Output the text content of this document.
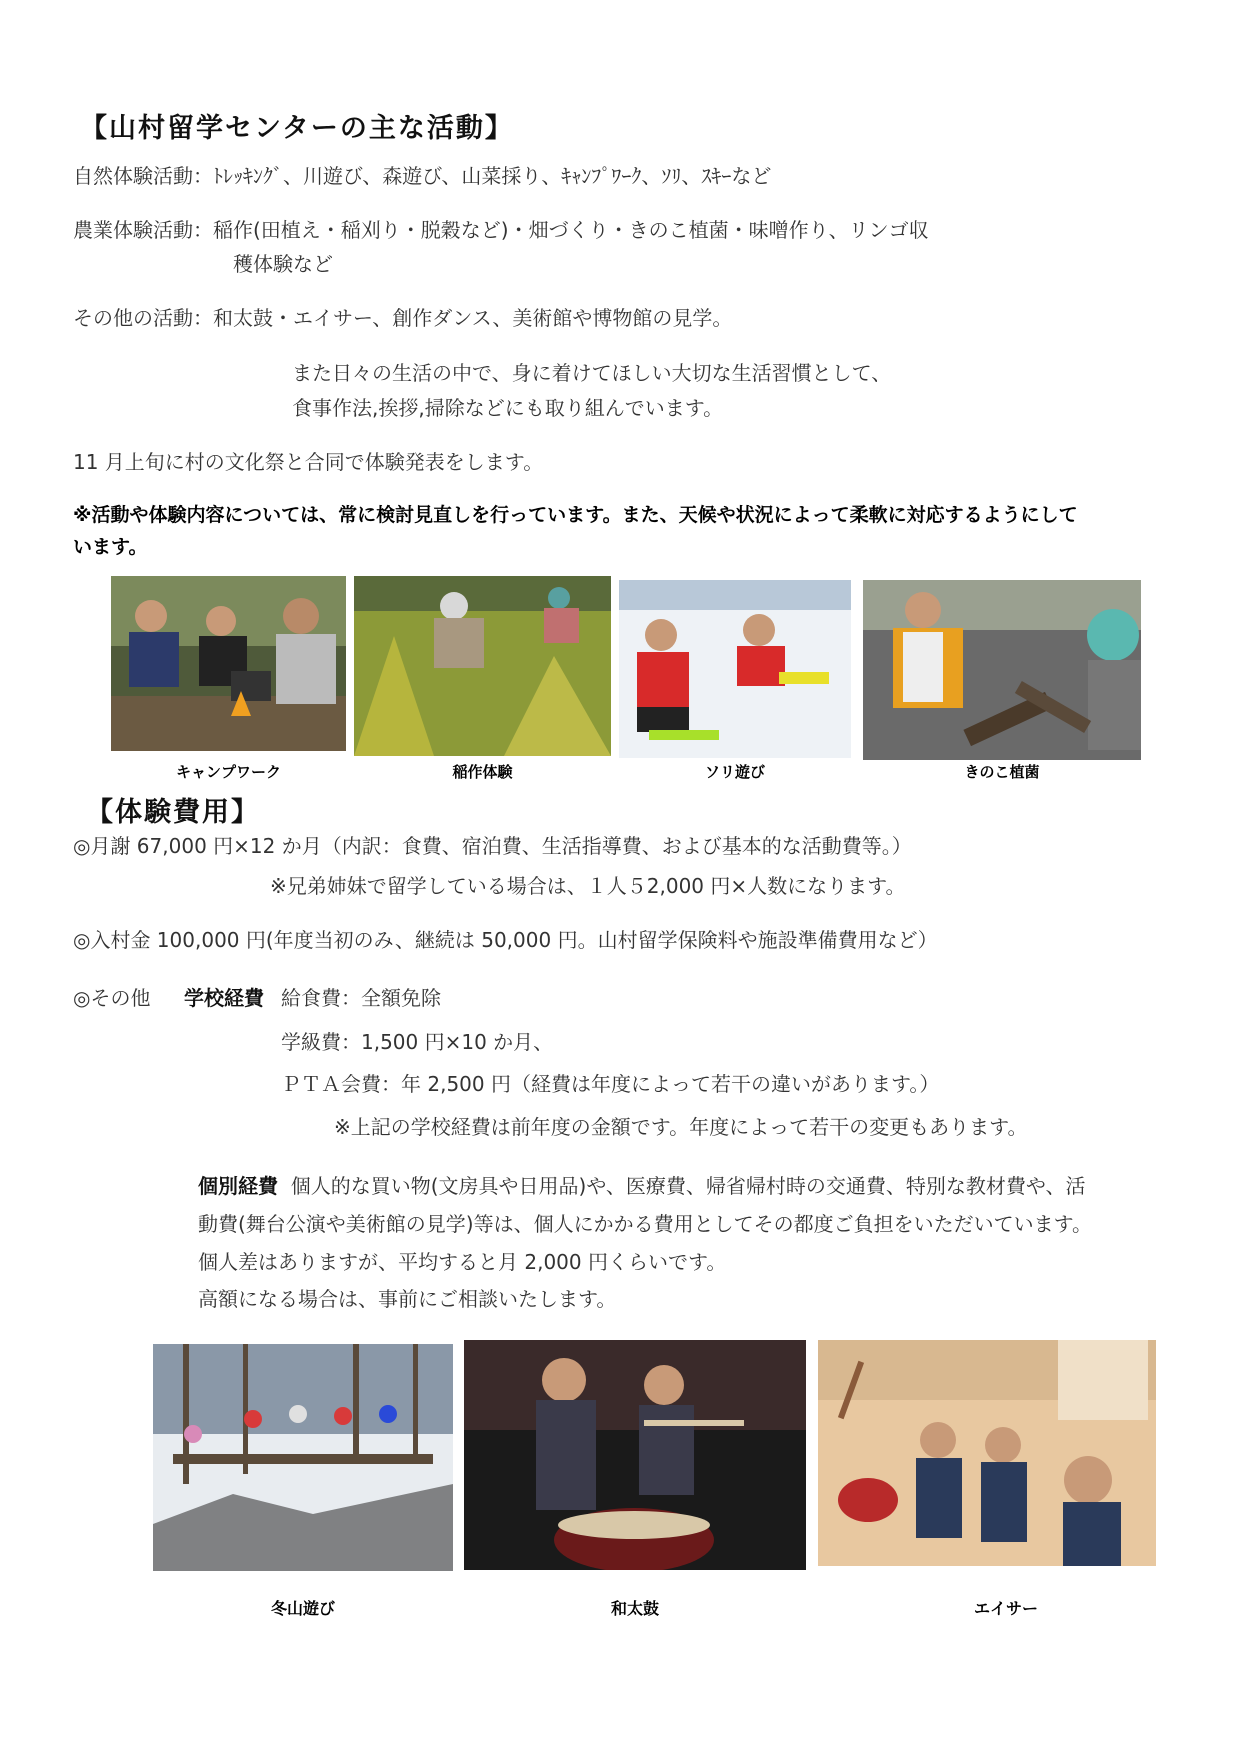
【山村留学センターの主な活動】
自然体験活動：ﾄﾚｯｷﾝｸﾞ、川遊び、森遊び、山菜採り、ｷｬﾝﾌﾟﾜｰｸ、ｿﾘ、ｽｷｰなど
農業体験活動：稲作(田植え・稲刈り・脱穀など)・畑づくり・きのこ植菌・味噌作り、リンゴ収
穫体験など
その他の活動：和太鼓・エイサー、創作ダンス、美術館や博物館の見学。
また日々の生活の中で、身に着けてほしい大切な生活習慣として、
食事作法,挨拶,掃除などにも取り組んでいます。
11 月上旬に村の文化祭と合同で体験発表をします。
※活動や体験内容については、常に検討見直しを行っています。また、天候や状況によって柔軟に対応するようにして
います。
キャンプワーク	稲作体験	ソリ遊び	きのこ植菌
【体験費用】
◎月謝 67,000 円×12 か月（内訳：食費、宿泊費、生活指導費、および基本的な活動費等。）
※兄弟姉妹で留学している場合は、１人５2,000 円×人数になります。
◎入村金 100,000 円(年度当初のみ、継続は 50,000 円。山村留学保険料や施設準備費用など）
◎その他 学校経費 給食費：全額免除
学級費：1,500 円×10 か月、
ＰＴＡ会費：年 2,500 円（経費は年度によって若干の違いがあります。）
※上記の学校経費は前年度の金額です。年度によって若干の変更もあります。
個別経費 個人的な買い物(文房具や日用品)や、医療費、帰省帰村時の交通費、特別な教材費や、活
動費(舞台公演や美術館の見学)等は、個人にかかる費用としてその都度ご負担をいただいています。
個人差はありますが、平均すると月 2,000 円くらいです。
高額になる場合は、事前にご相談いたします。
冬山遊び	和太鼓	エイサー
